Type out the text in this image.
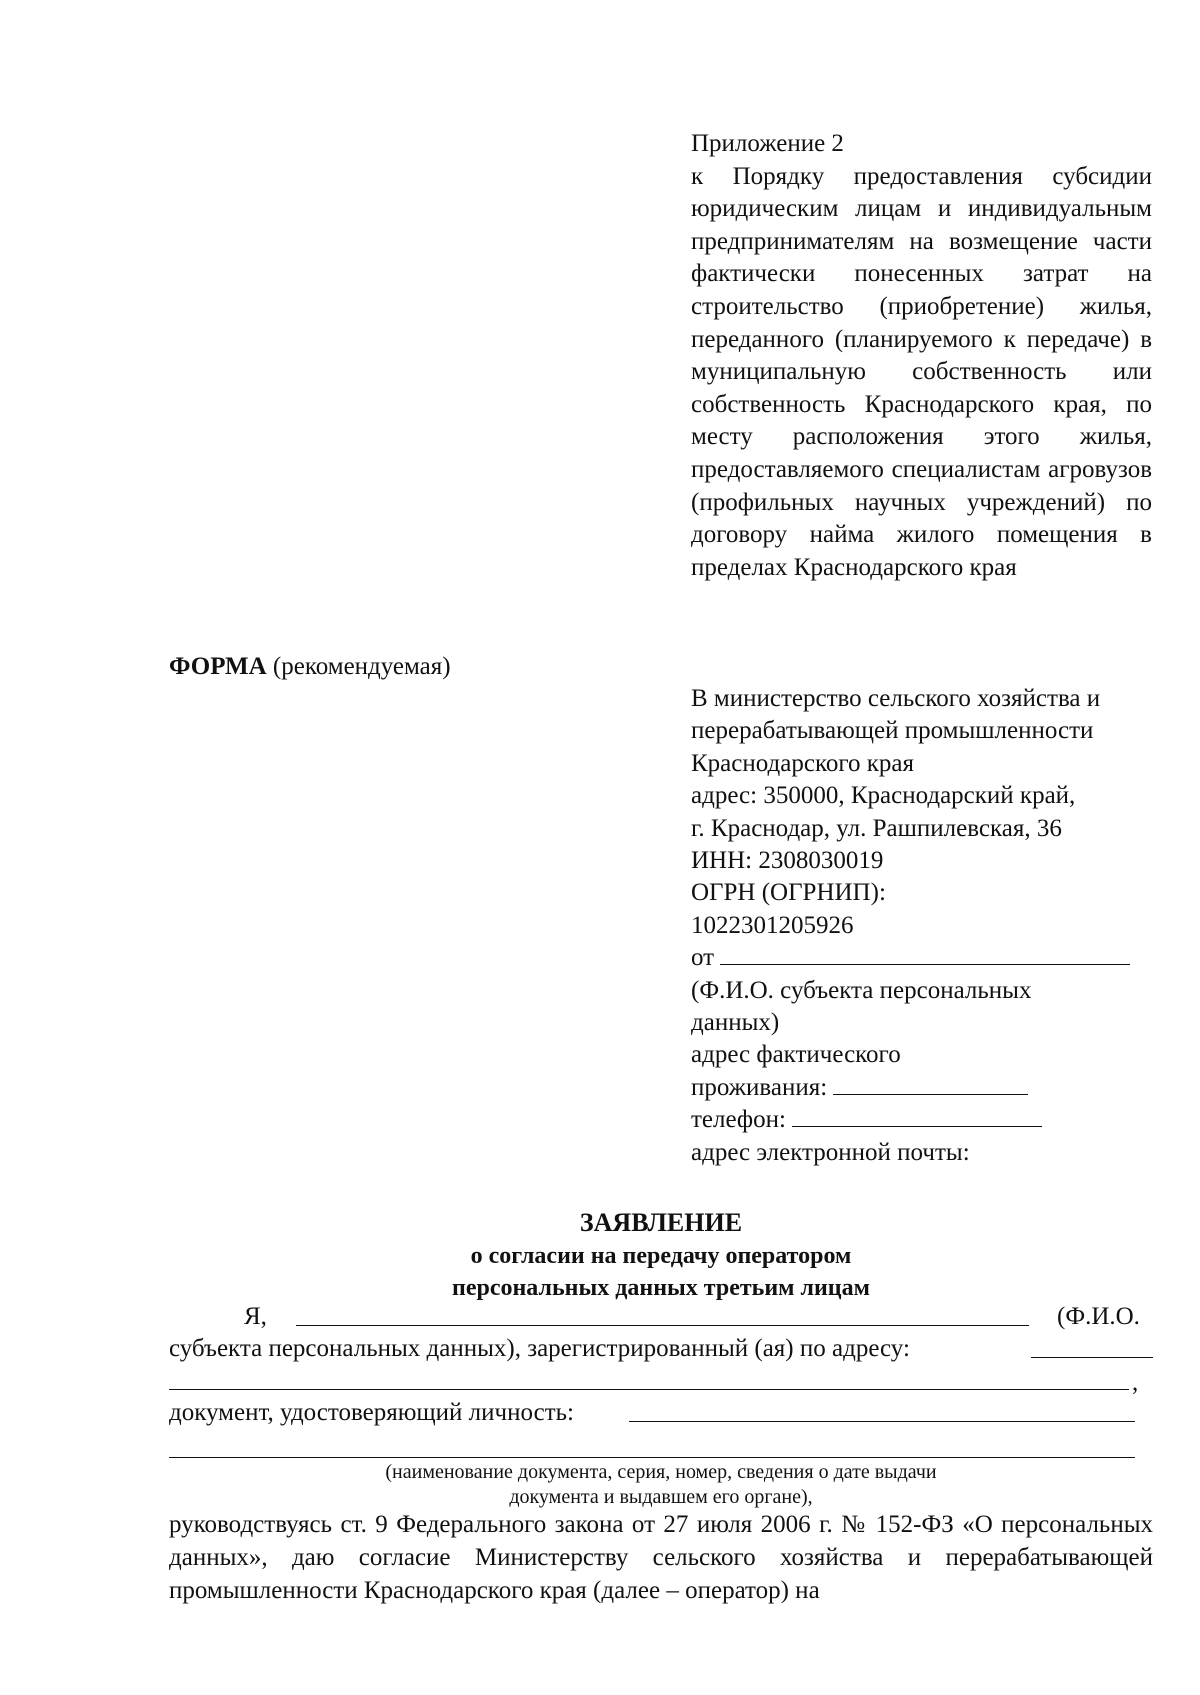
Приложение 2
к Порядку предоставления субсидии юридическим лицам и индивидуальным предпринимателям на возмещение части фактически понесенных затрат на строительство (приобретение) жилья, переданного (планируемого к передаче) в муниципальную собственность или собственность Краснодарского края, по месту расположения этого жилья, предоставляемого специалистам агровузов (профильных научных учреждений) по договору найма жилого помещения в пределах Краснодарского края
ФОРМА (рекомендуемая)
В министерство сельского хозяйства и
перерабатывающей промышленности
Краснодарского края
адрес: 350000, Краснодарский край,
г. Краснодар, ул. Рашпилевская, 36
ИНН: 2308030019
ОГРН (ОГРНИП):
1022301205926
от
(Ф.И.О. субъекта персональных
данных)
адрес фактического
проживания:
телефон:
адрес электронной почты:
ЗАЯВЛЕНИЕ
о согласии на передачу оператором
персональных данных третьим лицам
Я,	(Ф.И.О.
субъекта персональных данных), зарегистрированный (ая) по адресу:
,
документ, удостоверяющий личность:
(наименование документа, серия, номер, сведения о дате выдачи
документа и выдавшем его органе),
руководствуясь ст. 9 Федерального закона от 27 июля 2006 г. № 152-ФЗ «О персональных данных», даю согласие Министерству сельского хозяйства и перерабатывающей промышленности Краснодарского края (далее – оператор) на
